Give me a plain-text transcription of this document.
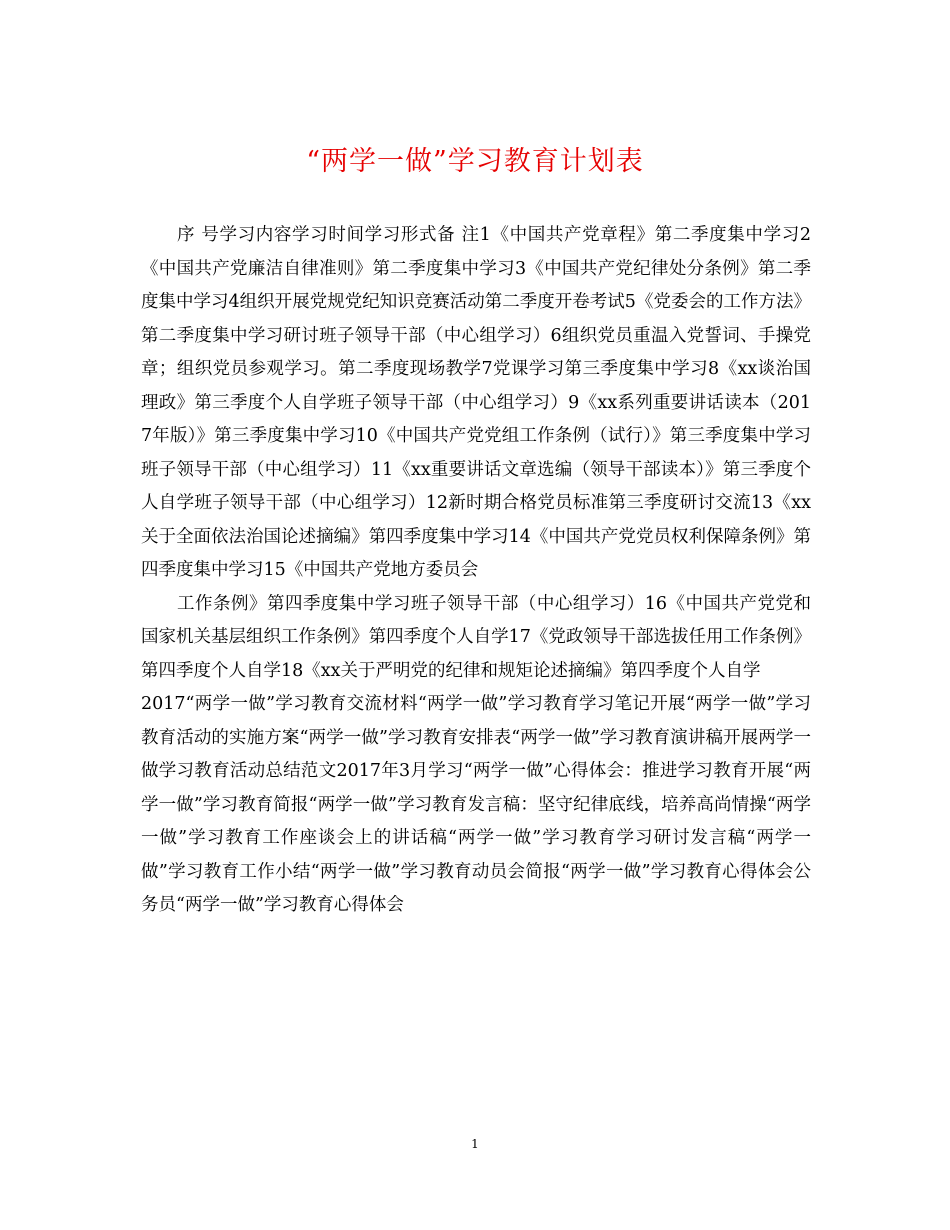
“两学一做”学习教育计划表

序 号学习内容学习时间学习形式备 注1《中国共产党章程》第二季度集中学习2《中国共产党廉洁自律准则》第二季度集中学习3《中国共产党纪律处分条例》第二季度集中学习4组织开展党规党纪知识竞赛活动第二季度开卷考试5《党委会的工作方法》第二季度集中学习研讨班子领导干部（中心组学习）6组织党员重温入党誓词、手操党章；组织党员参观学习。第二季度现场教学7党课学习第三季度集中学习8《xx谈治国理政》第三季度个人自学班子领导干部（中心组学习）9《xx系列重要讲话读本（2017年版）》第三季度集中学习10《中国共产党党组工作条例（试行）》第三季度集中学习班子领导干部（中心组学习）11《xx重要讲话文章选编（领导干部读本）》第三季度个人自学班子领导干部（中心组学习）12新时期合格党员标准第三季度研讨交流13《xx关于全面依法治国论述摘编》第四季度集中学习14《中国共产党党员权利保障条例》第四季度集中学习15《中国共产党地方委员会

工作条例》第四季度集中学习班子领导干部（中心组学习）16《中国共产党党和国家机关基层组织工作条例》第四季度个人自学17《党政领导干部选拔任用工作条例》第四季度个人自学18《xx关于严明党的纪律和规矩论述摘编》第四季度个人自学

2017“两学一做”学习教育交流材料“两学一做”学习教育学习笔记开展“两学一做”学习教育活动的实施方案“两学一做”学习教育安排表“两学一做”学习教育演讲稿开展两学一做学习教育活动总结范文2017年3月学习“两学一做”心得体会：推进学习教育开展“两学一做”学习教育简报“两学一做”学习教育发言稿：坚守纪律底线，培养高尚情操“两学一做”学习教育工作座谈会上的讲话稿“两学一做”学习教育学习研讨发言稿“两学一做”学习教育工作小结“两学一做”学习教育动员会简报“两学一做”学习教育心得体会公务员“两学一做”学习教育心得体会

1
